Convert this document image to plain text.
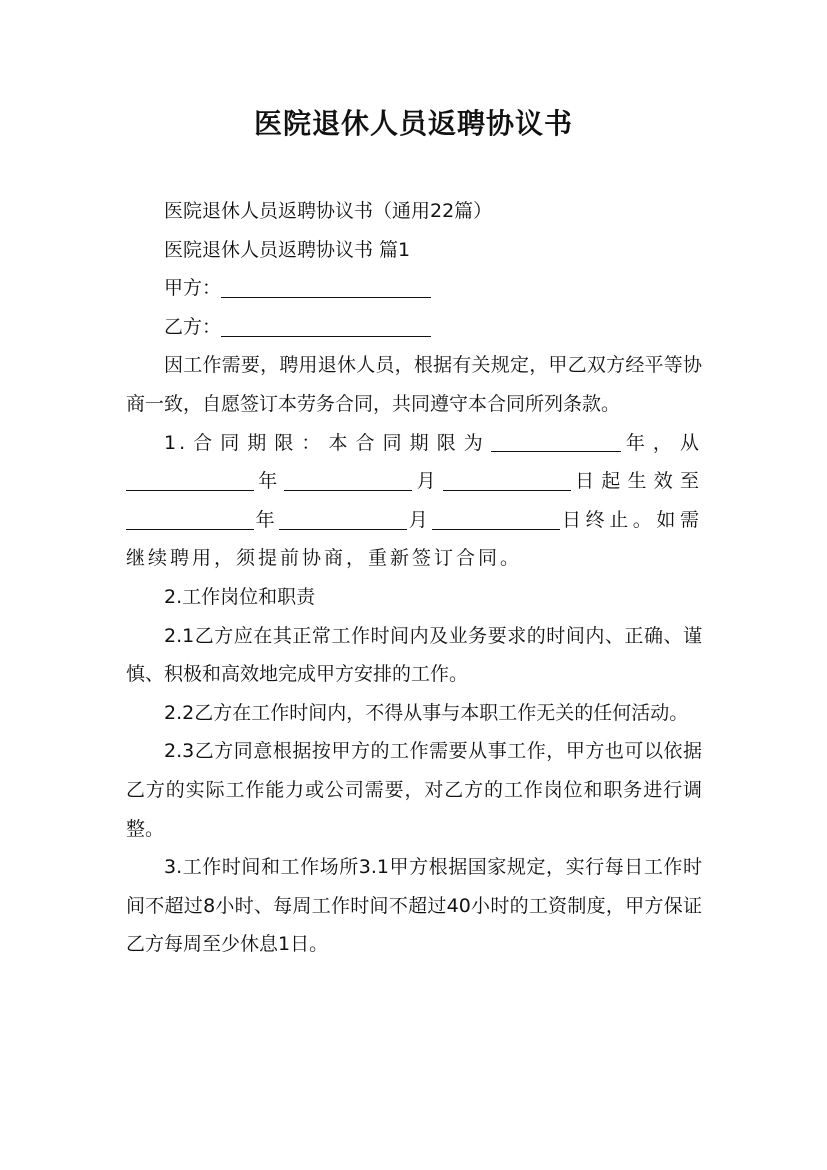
医院退休人员返聘协议书

医院退休人员返聘协议书（通用22篇）

医院退休人员返聘协议书 篇1

甲方：

乙方：

因工作需要，聘用退休人员，根据有关规定，甲乙双方经平等协商一致，自愿签订本劳务合同，共同遵守本合同所列条款。

1.合同期限：本合同期限为	年，从年	月	日起生效至年	月	日终止。如需继续聘用，须提前协商，重新签订合同。

2.工作岗位和职责

2.1乙方应在其正常工作时间内及业务要求的时间内、正确、谨慎、积极和高效地完成甲方安排的工作。

2.2乙方在工作时间内，不得从事与本职工作无关的任何活动。

2.3乙方同意根据按甲方的工作需要从事工作，甲方也可以依据乙方的实际工作能力或公司需要，对乙方的工作岗位和职务进行调整。

3.工作时间和工作场所3.1甲方根据国家规定，实行每日工作时间不超过8小时、每周工作时间不超过40小时的工资制度，甲方保证乙方每周至少休息1日。
